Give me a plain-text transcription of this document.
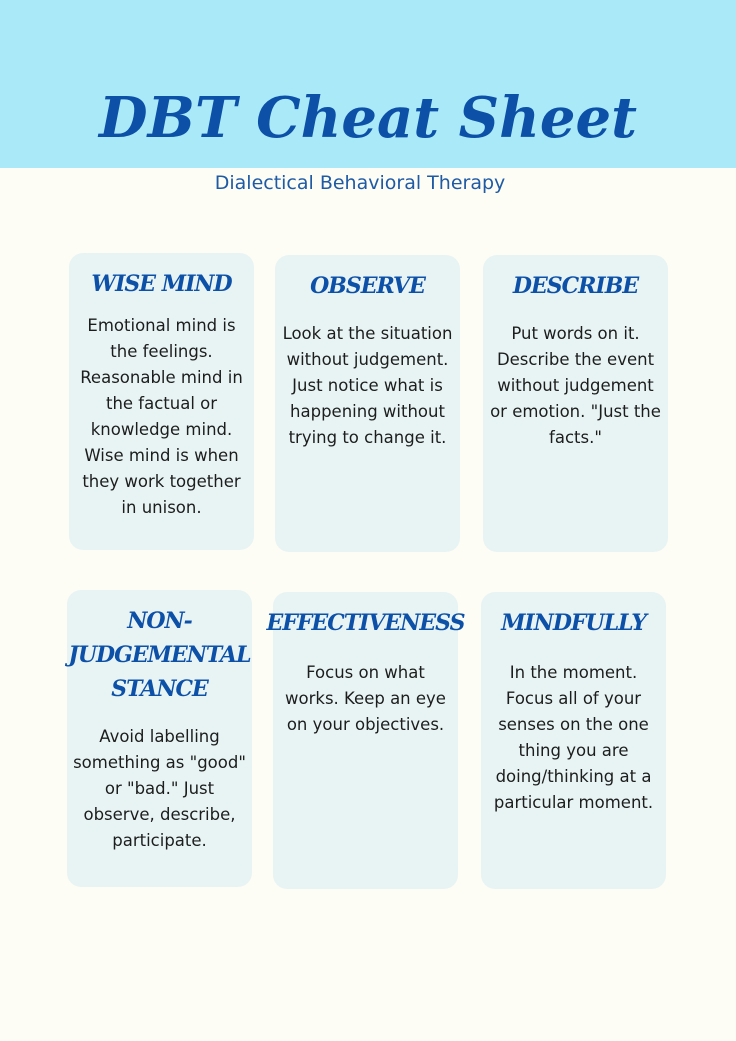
DBT Cheat Sheet

Dialectical Behavioral Therapy

WISE MIND

Emotional mind is the feelings. Reasonable mind in the factual or knowledge mind. Wise mind is when they work together in unison.

OBSERVE

Look at the situation without judgement. Just notice what is happening without trying to change it.

DESCRIBE

Put words on it. Describe the event without judgement or emotion. "Just the facts."

NON-
JUDGEMENTAL
STANCE

Avoid labelling something as "good" or "bad." Just observe, describe, participate.

EFFECTIVENESS

Focus on what works. Keep an eye on your objectives.

MINDFULLY

In the moment. Focus all of your senses on the one thing you are doing/thinking at a particular moment.
